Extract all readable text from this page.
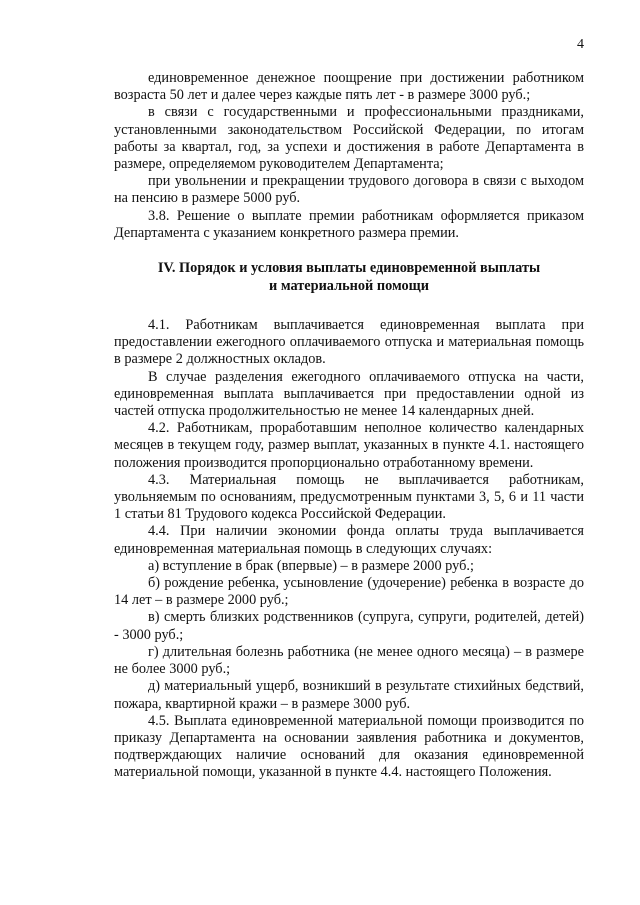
4

единовременное денежное поощрение при достижении работником возраста 50 лет и далее через каждые пять лет - в размере 3000 руб.;

в связи с государственными и профессиональными праздниками, установленными законодательством Российской Федерации, по итогам работы за квартал, год, за успехи и достижения в работе Департамента в размере, определяемом руководителем Департамента;

при увольнении и прекращении трудового договора в связи с выходом на пенсию в размере 5000 руб.

3.8. Решение о выплате премии работникам оформляется приказом Департамента с указанием конкретного размера премии.

IV. Порядок и условия выплаты единовременной выплаты
и материальной помощи

4.1. Работникам выплачивается единовременная выплата при предоставлении ежегодного оплачиваемого отпуска и материальная помощь в размере 2 должностных окладов.

В случае разделения ежегодного оплачиваемого отпуска на части, единовременная выплата выплачивается при предоставлении одной из частей отпуска продолжительностью не менее 14 календарных дней.

4.2. Работникам, проработавшим неполное количество календарных месяцев в текущем году, размер выплат, указанных в пункте 4.1. настоящего положения производится пропорционально отработанному времени.

4.3. Материальная помощь не выплачивается работникам, увольняемым по основаниям, предусмотренным пунктами 3, 5, 6 и 11 части 1 статьи 81 Трудового кодекса Российской Федерации.

4.4. При наличии экономии фонда оплаты труда выплачивается единовременная материальная помощь в следующих случаях:

а) вступление в брак (впервые) – в размере 2000 руб.;

б) рождение ребенка, усыновление (удочерение) ребенка в возрасте до 14 лет – в размере 2000 руб.;

в) смерть близких родственников (супруга, супруги, родителей, детей) - 3000 руб.;

г) длительная болезнь работника (не менее одного месяца) – в размере не более 3000 руб.;

д) материальный ущерб, возникший в результате стихийных бедствий, пожара, квартирной кражи – в размере 3000 руб.

4.5. Выплата единовременной материальной помощи производится по приказу Департамента на основании заявления работника и документов, подтверждающих наличие оснований для оказания единовременной материальной помощи, указанной в пункте 4.4. настоящего Положения.
